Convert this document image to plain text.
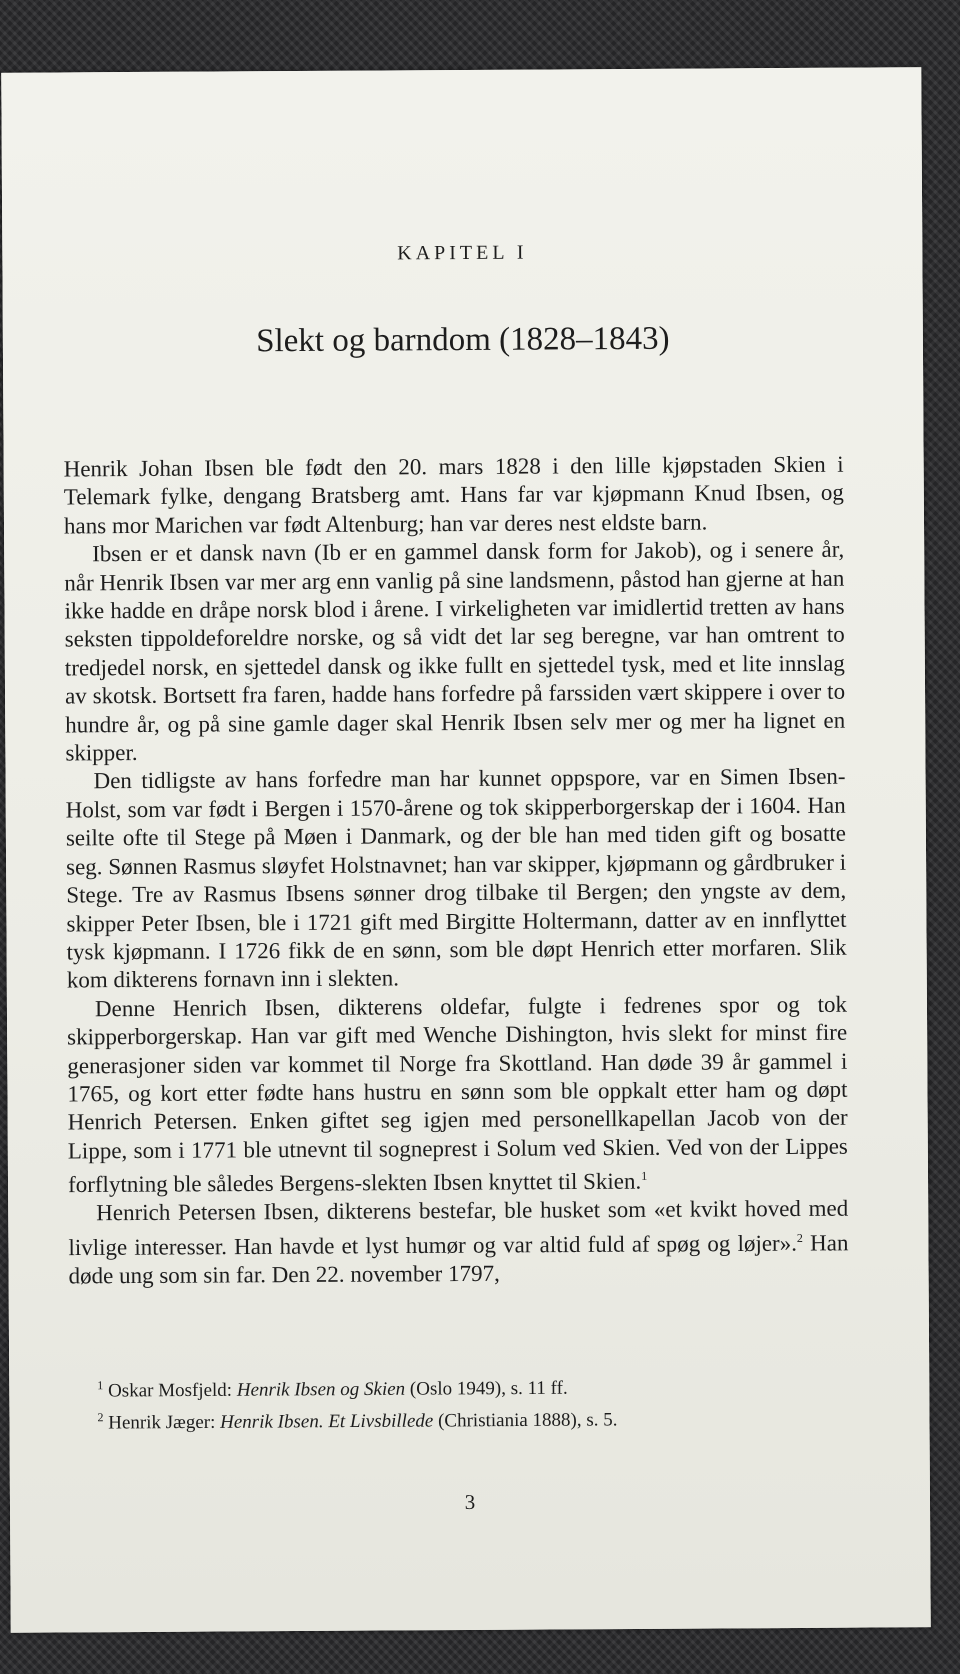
KAPITEL I
Slekt og barndom (1828–1843)

Henrik Johan Ibsen ble født den 20. mars 1828 i den lille kjøpstaden Skien i Telemark fylke, dengang Bratsberg amt. Hans far var kjøpmann Knud Ibsen, og hans mor Marichen var født Altenburg; han var deres nest eldste barn.

Ibsen er et dansk navn (Ib er en gammel dansk form for Jakob), og i senere år, når Henrik Ibsen var mer arg enn vanlig på sine landsmenn, påstod han gjerne at han ikke hadde en dråpe norsk blod i årene. I virkeligheten var imidlertid tretten av hans seksten tippoldeforeldre norske, og så vidt det lar seg beregne, var han omtrent to tredjedel norsk, en sjettedel dansk og ikke fullt en sjettedel tysk, med et lite innslag av skotsk. Bortsett fra faren, hadde hans forfedre på farssiden vært skippere i over to hundre år, og på sine gamle dager skal Henrik Ibsen selv mer og mer ha lignet en skipper.

Den tidligste av hans forfedre man har kunnet oppspore, var en Simen Ibsen-Holst, som var født i Bergen i 1570-årene og tok skipperborgerskap der i 1604. Han seilte ofte til Stege på Møen i Danmark, og der ble han med tiden gift og bosatte seg. Sønnen Rasmus sløyfet Holstnavnet; han var skipper, kjøpmann og gårdbruker i Stege. Tre av Rasmus Ibsens sønner drog tilbake til Bergen; den yngste av dem, skipper Peter Ibsen, ble i 1721 gift med Birgitte Holtermann, datter av en innflyttet tysk kjøpmann. I 1726 fikk de en sønn, som ble døpt Henrich etter morfaren. Slik kom dikterens fornavn inn i slekten.

Denne Henrich Ibsen, dikterens oldefar, fulgte i fedrenes spor og tok skipperborgerskap. Han var gift med Wenche Dishington, hvis slekt for minst fire generasjoner siden var kommet til Norge fra Skottland. Han døde 39 år gammel i 1765, og kort etter fødte hans hustru en sønn som ble oppkalt etter ham og døpt Henrich Petersen. Enken giftet seg igjen med personellkapellan Jacob von der Lippe, som i 1771 ble utnevnt til sogneprest i Solum ved Skien. Ved von der Lippes forflytning ble således Bergens-slekten Ibsen knyttet til Skien.$^1$

Henrich Petersen Ibsen, dikterens bestefar, ble husket som «et kvikt hoved med livlige interesser. Han havde et lyst humør og var altid fuld af spøg og løjer».$^2$ Han døde ung som sin far. Den 22. november 1797,

$^1$ Oskar Mosfjeld: Henrik Ibsen og Skien (Oslo 1949), s. 11 ff.
$^2$ Henrik Jæger: Henrik Ibsen. Et Livsbillede (Christiania 1888), s. 5.
3
